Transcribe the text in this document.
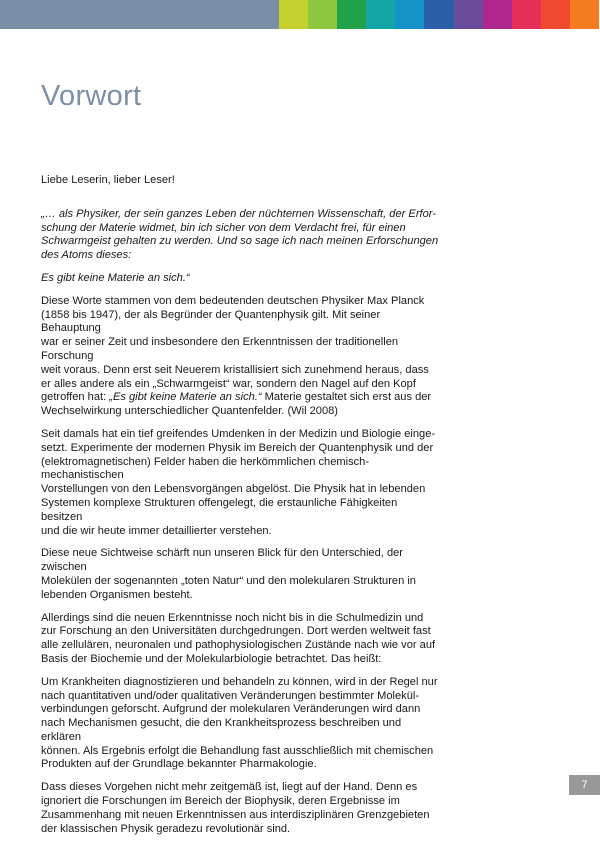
Vorwort

Liebe Leserin, lieber Leser!

„… als Physiker, der sein ganzes Leben der nüchternen Wissenschaft, der Erfor-
schung der Materie widmet, bin ich sicher von dem Verdacht frei, für einen
Schwarmgeist gehalten zu werden. Und so sage ich nach meinen Erforschungen
des Atoms dieses:

Es gibt keine Materie an sich.“

Diese Worte stammen von dem bedeutenden deutschen Physiker Max Planck
(1858 bis 1947), der als Begründer der Quantenphysik gilt. Mit seiner Behauptung
war er seiner Zeit und insbesondere den Erkenntnissen der traditionellen Forschung
weit voraus. Denn erst seit Neuerem kristallisiert sich zunehmend heraus, dass
er alles andere als ein „Schwarmgeist“ war, sondern den Nagel auf den Kopf
getroffen hat: „Es gibt keine Materie an sich.“ Materie gestaltet sich erst aus der
Wechselwirkung unterschiedlicher Quantenfelder. (Wil 2008)

Seit damals hat ein tief greifendes Umdenken in der Medizin und Biologie einge-
setzt. Experimente der modernen Physik im Bereich der Quantenphysik und der
(elektromagnetischen) Felder haben die herkömmlichen chemisch-mechanistischen
Vorstellungen von den Lebensvorgängen abgelöst. Die Physik hat in lebenden
Systemen komplexe Strukturen offengelegt, die erstaunliche Fähigkeiten besitzen
und die wir heute immer detaillierter verstehen.

Diese neue Sichtweise schärft nun unseren Blick für den Unterschied, der zwischen
Molekülen der sogenannten „toten Natur“ und den molekularen Strukturen in
lebenden Organismen besteht.

Allerdings sind die neuen Erkenntnisse noch nicht bis in die Schulmedizin und
zur Forschung an den Universitäten durchgedrungen. Dort werden weltweit fast
alle zellulären, neuronalen und pathophysiologischen Zustände nach wie vor auf
Basis der Biochemie und der Molekularbiologie betrachtet. Das heißt:

Um Krankheiten diagnostizieren und behandeln zu können, wird in der Regel nur
nach quantitativen und/oder qualitativen Veränderungen bestimmter Molekül-
verbindungen geforscht. Aufgrund der molekularen Veränderungen wird dann
nach Mechanismen gesucht, die den Krankheitsprozess beschreiben und erklären
können. Als Ergebnis erfolgt die Behandlung fast ausschließlich mit chemischen
Produkten auf der Grundlage bekannter Pharmakologie.

Dass dieses Vorgehen nicht mehr zeitgemäß ist, liegt auf der Hand. Denn es
ignoriert die Forschungen im Bereich der Biophysik, deren Ergebnisse im
Zusammenhang mit neuen Erkenntnissen aus interdisziplinären Grenzgebieten
der klassischen Physik geradezu revolutionär sind.

7
